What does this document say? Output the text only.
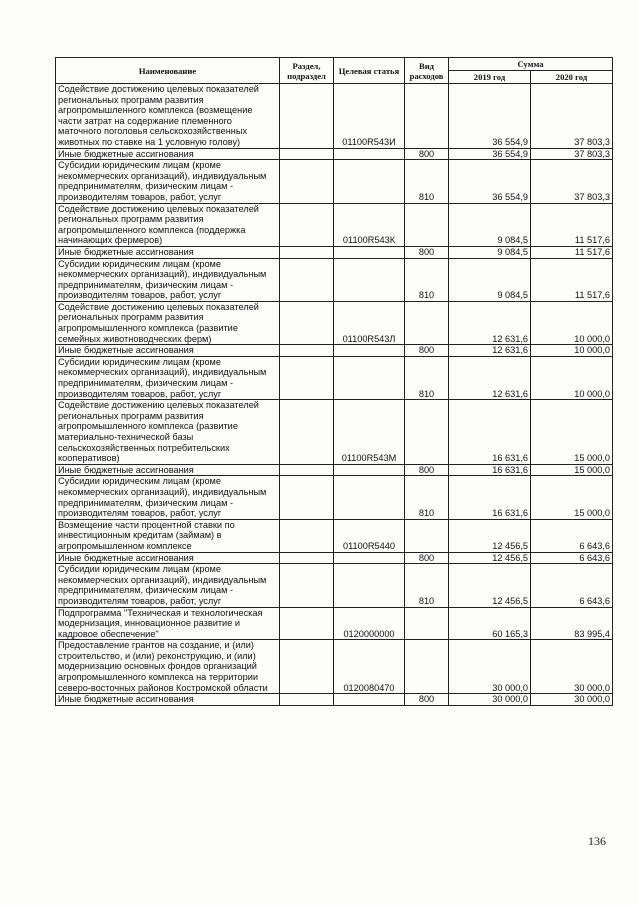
Наименование	Раздел, подраздел	Целевая статья	Вид расходов	Сумма	
				2019 год	2020 год
Содействие достижению целевых показателей региональных программ развития агропромышленного комплекса (возмещение части затрат на содержание племенного маточного поголовья сельскохозяйственных животных по ставке на 1 условную голову)		01100R543И		36 554,9	37 803,3
Иные бюджетные ассигнования			800	36 554,9	37 803,3
Субсидии юридическим лицам (кроме некоммерческих организаций), индивидуальным предпринимателям, физическим лицам - производителям товаров, работ, услуг			810	36 554,9	37 803,3
Содействие достижению целевых показателей региональных программ развития агропромышленного комплекса (поддержка начинающих фермеров)		01100R543К		9 084,5	11 517,6
Иные бюджетные ассигнования			800	9 084,5	11 517,6
Субсидии юридическим лицам (кроме некоммерческих организаций), индивидуальным предпринимателям, физическим лицам - производителям товаров, работ, услуг			810	9 084,5	11 517,6
Содействие достижению целевых показателей региональных программ развития агропромышленного комплекса (развитие семейных животноводческих ферм)		01100R543Л		12 631,6	10 000,0
Иные бюджетные ассигнования			800	12 631,6	10 000,0
Субсидии юридическим лицам (кроме некоммерческих организаций), индивидуальным предпринимателям, физическим лицам - производителям товаров, работ, услуг			810	12 631,6	10 000,0
Содействие достижению целевых показателей региональных программ развития агропромышленного комплекса (развитие материально-технической базы сельскохозяйственных потребительских кооперативов)		01100R543М		16 631,6	15 000,0
Иные бюджетные ассигнования			800	16 631,6	15 000,0
Субсидии юридическим лицам (кроме некоммерческих организаций), индивидуальным предпринимателям, физическим лицам - производителям товаров, работ, услуг			810	16 631,6	15 000,0
Возмещение части процентной ставки по инвестиционным кредитам (займам) в агропромышленном комплексе		01100R5440		12 456,5	6 643,6
Иные бюджетные ассигнования			800	12 456,5	6 643,6
Субсидии юридическим лицам (кроме некоммерческих организаций), индивидуальным предпринимателям, физическим лицам - производителям товаров, работ, услуг			810	12 456,5	6 643,6
Подпрограмма "Техническая и технологическая модернизация, инновационное развитие и кадровое обеспечение"		0120000000		60 165,3	83 995,4
Предоставление грантов на создание, и (или) строительство, и (или) реконструкцию, и (или) модернизацию основных фондов организаций агропромышленного комплекса на территории северо-восточных районов Костромской области		0120080470		30 000,0	30 000,0
Иные бюджетные ассигнования			800	30 000,0	30 000,0
136
